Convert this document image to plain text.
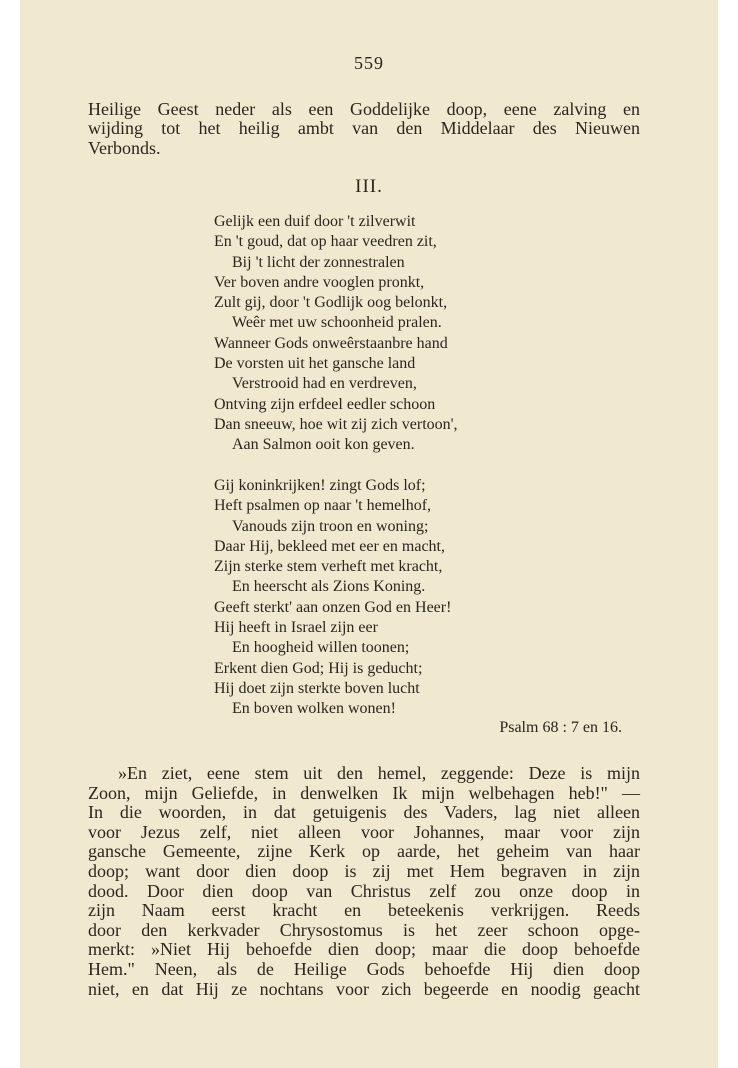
559
Heilige Geest neder als een Goddelijke doop, eene zalving en
wijding tot het heilig ambt van den Middelaar des Nieuwen
Verbonds.
III.
Gelijk een duif door 't zilverwit
En 't goud, dat op haar veedren zit,
Bij 't licht der zonnestralen
Ver boven andre vooglen pronkt,
Zult gij, door 't Godlijk oog belonkt,
Weêr met uw schoonheid pralen.
Wanneer Gods onweêrstaanbre hand
De vorsten uit het gansche land
Verstrooid had en verdreven,
Ontving zijn erfdeel eedler schoon
Dan sneeuw, hoe wit zij zich vertoon',
Aan Salmon ooit kon geven.
Gij koninkrijken! zingt Gods lof;
Heft psalmen op naar 't hemelhof,
Vanouds zijn troon en woning;
Daar Hij, bekleed met eer en macht,
Zijn sterke stem verheft met kracht,
En heerscht als Zions Koning.
Geeft sterkt' aan onzen God en Heer!
Hij heeft in Israel zijn eer
En hoogheid willen toonen;
Erkent dien God; Hij is geducht;
Hij doet zijn sterkte boven lucht
En boven wolken wonen!
Psalm 68 : 7 en 16.
»En ziet, eene stem uit den hemel, zeggende: Deze is mijn
Zoon, mijn Geliefde, in denwelken Ik mijn welbehagen heb!" —
In die woorden, in dat getuigenis des Vaders, lag niet alleen
voor Jezus zelf, niet alleen voor Johannes, maar voor zijn
gansche Gemeente, zijne Kerk op aarde, het geheim van haar
doop; want door dien doop is zij met Hem begraven in zijn
dood. Door dien doop van Christus zelf zou onze doop in
zijn Naam eerst kracht en beteekenis verkrijgen. Reeds
door den kerkvader Chrysostomus is het zeer schoon opge-
merkt: »Niet Hij behoefde dien doop; maar die doop behoefde
Hem." Neen, als de Heilige Gods behoefde Hij dien doop
niet, en dat Hij ze nochtans voor zich begeerde en noodig geacht
